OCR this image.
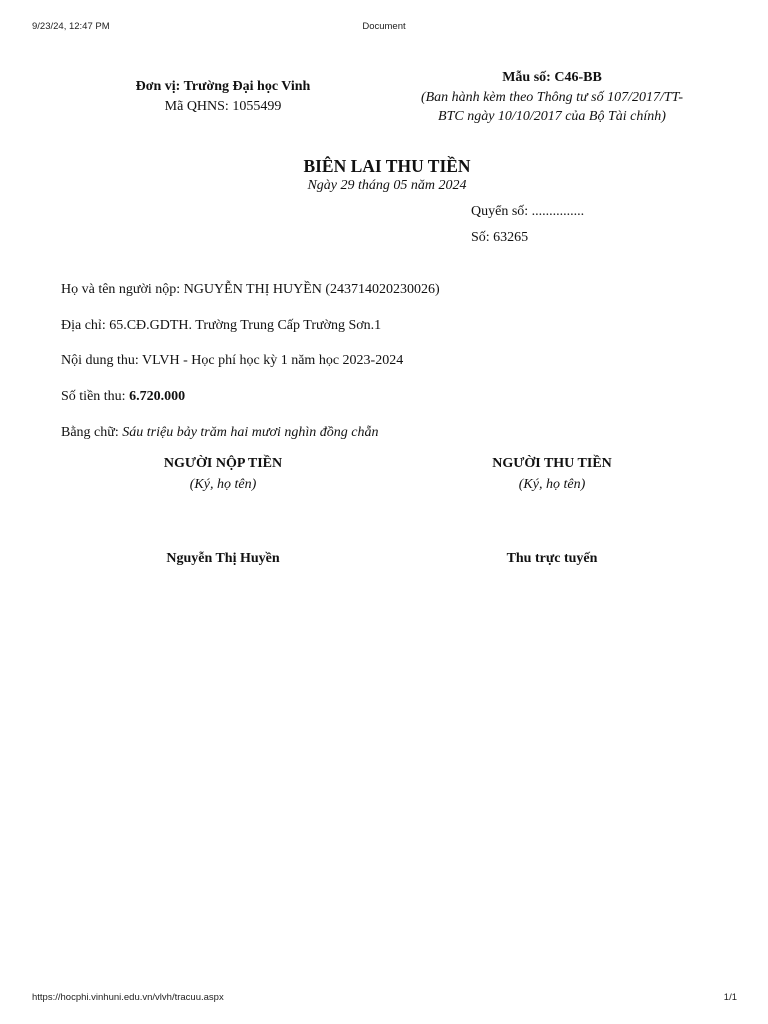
9/23/24, 12:47 PM	Document
https://hocphi.vinhuni.edu.vn/vlvh/tracuu.aspx	1/1
Đơn vị: Trường Đại học Vinh
Mã QHNS: 1055499
Mẫu số: C46-BB
(Ban hành kèm theo Thông tư số 107/2017/TT-
BTC ngày 10/10/2017 của Bộ Tài chính)
BIÊN LAI THU TIỀN
Ngày 29 tháng 05 năm 2024
Quyển số: ...............
Số: 63265
Họ và tên người nộp: NGUYỄN THỊ HUYỀN (243714020230026)
Địa chỉ: 65.CĐ.GDTH. Trường Trung Cấp Trường Sơn.1
Nội dung thu: VLVH - Học phí học kỳ 1 năm học 2023-2024
Số tiền thu: 6.720.000
Bằng chữ: Sáu triệu bảy trăm hai mươi nghìn đồng chẵn
NGƯỜI NỘP TIỀN
(Ký, họ tên)
Nguyễn Thị Huyền
NGƯỜI THU TIỀN
(Ký, họ tên)
Thu trực tuyến
